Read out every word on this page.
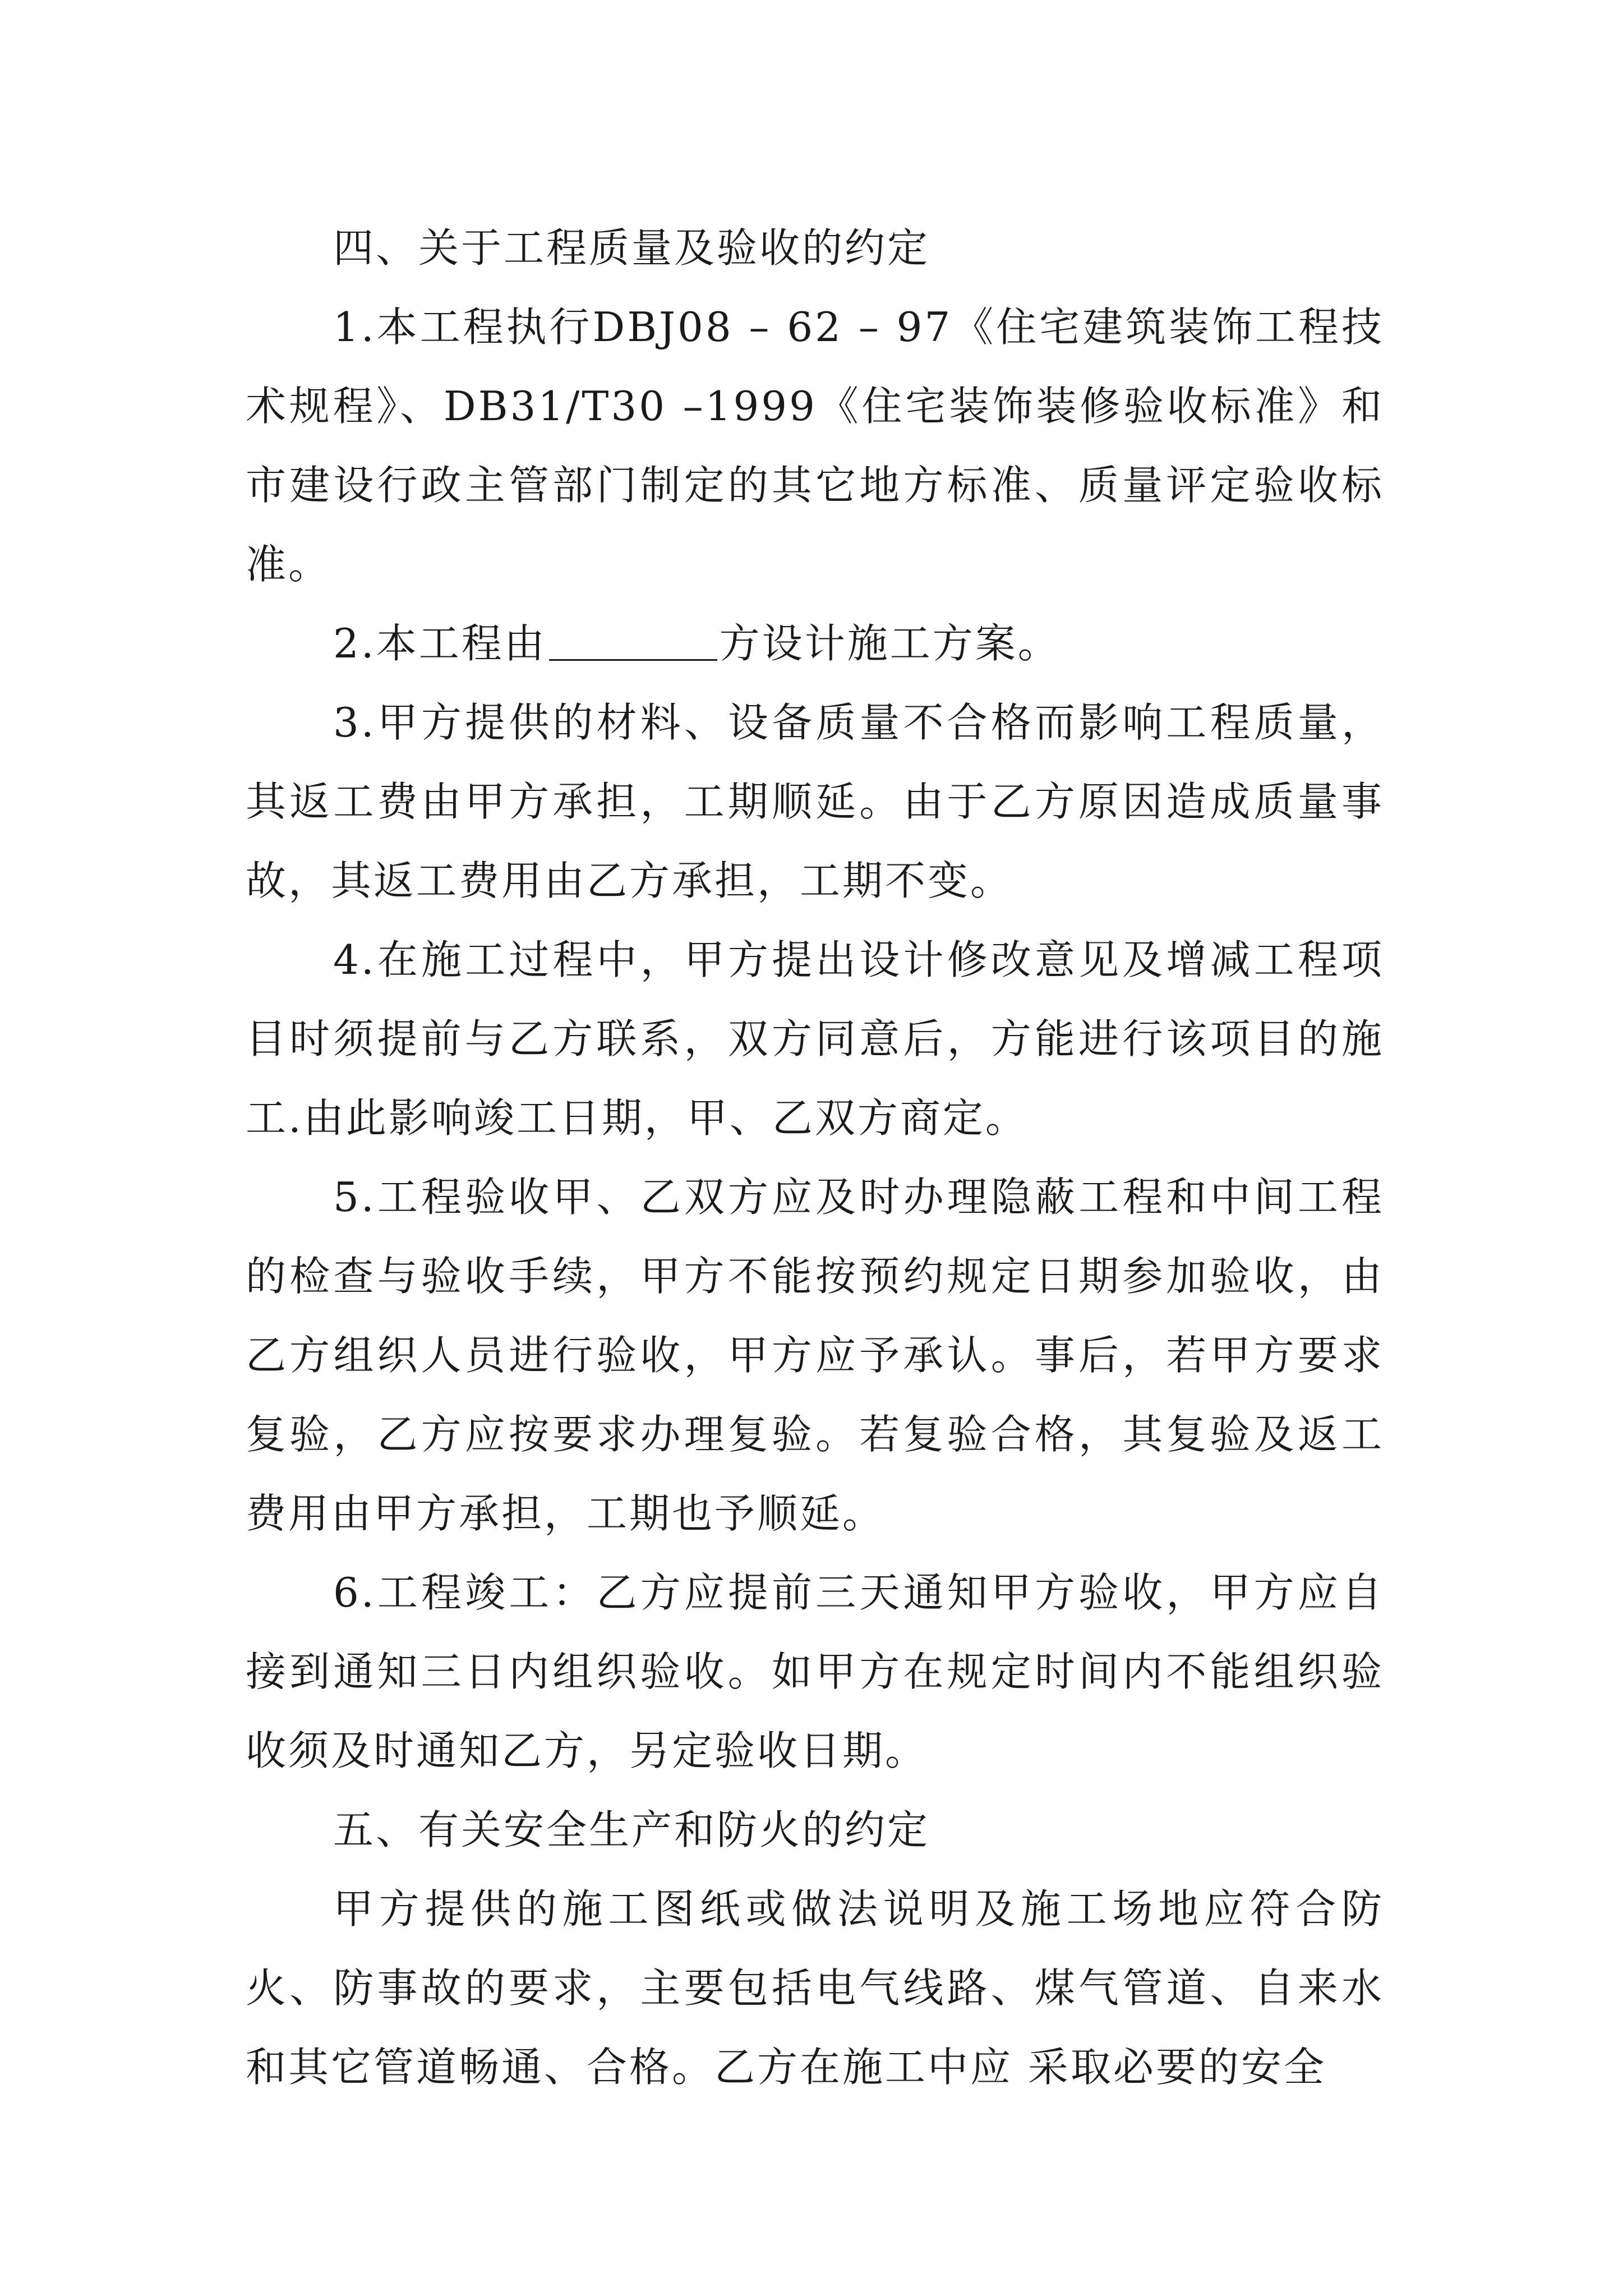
四、关于工程质量及验收的约定

1.本工程执行DBJ08 – 62 – 97《住宅建筑装饰工程技术规程》、DB31/T30 –1999《住宅装饰装修验收标准》和市建设行政主管部门制定的其它地方标准、质量评定验收标准。

2.本工程由	方设计施工方案。

3.甲方提供的材料、设备质量不合格而影响工程质量，其返工费由甲方承担，工期顺延。由于乙方原因造成质量事故，其返工费用由乙方承担，工期不变。

4.在施工过程中，甲方提出设计修改意见及增减工程项目时须提前与乙方联系，双方同意后，方能进行该项目的施工.由此影响竣工日期，甲、乙双方商定。

5.工程验收甲、乙双方应及时办理隐蔽工程和中间工程的检查与验收手续，甲方不能按预约规定日期参加验收，由乙方组织人员进行验收，甲方应予承认。事后，若甲方要求复验，乙方应按要求办理复验。若复验合格，其复验及返工费用由甲方承担，工期也予顺延。

6.工程竣工：乙方应提前三天通知甲方验收，甲方应自接到通知三日内组织验收。如甲方在规定时间内不能组织验收须及时通知乙方，另定验收日期。

五、有关安全生产和防火的约定

甲方提供的施工图纸或做法说明及施工场地应符合防火、防事故的要求，主要包括电气线路、煤气管道、自来水和其它管道畅通、合格。乙方在施工中应 采取必要的安全
